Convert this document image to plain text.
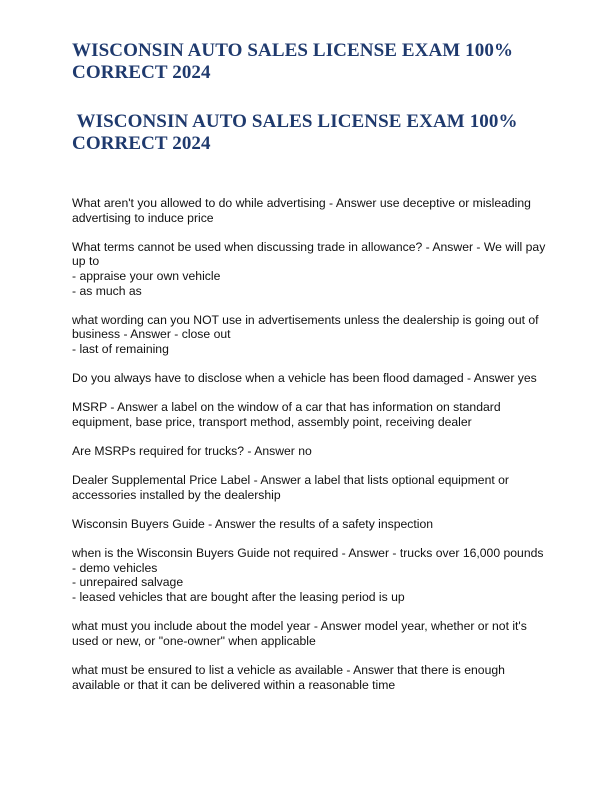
WISCONSIN AUTO SALES LICENSE EXAM 100%
CORRECT 2024
WISCONSIN AUTO SALES LICENSE EXAM 100%
CORRECT 2024

What aren't you allowed to do while advertising - Answer use deceptive or misleading
advertising to induce price

What terms cannot be used when discussing trade in allowance? - Answer - We will pay
up to
- appraise your own vehicle
- as much as

what wording can you NOT use in advertisements unless the dealership is going out of
business - Answer - close out
- last of remaining

Do you always have to disclose when a vehicle has been flood damaged - Answer yes

MSRP - Answer a label on the window of a car that has information on standard
equipment, base price, transport method, assembly point, receiving dealer

Are MSRPs required for trucks? - Answer no

Dealer Supplemental Price Label - Answer a label that lists optional equipment or
accessories installed by the dealership

Wisconsin Buyers Guide - Answer the results of a safety inspection

when is the Wisconsin Buyers Guide not required - Answer - trucks over 16,000 pounds
- demo vehicles
- unrepaired salvage
- leased vehicles that are bought after the leasing period is up

what must you include about the model year - Answer model year, whether or not it's
used or new, or "one-owner" when applicable

what must be ensured to list a vehicle as available - Answer that there is enough
available or that it can be delivered within a reasonable time
